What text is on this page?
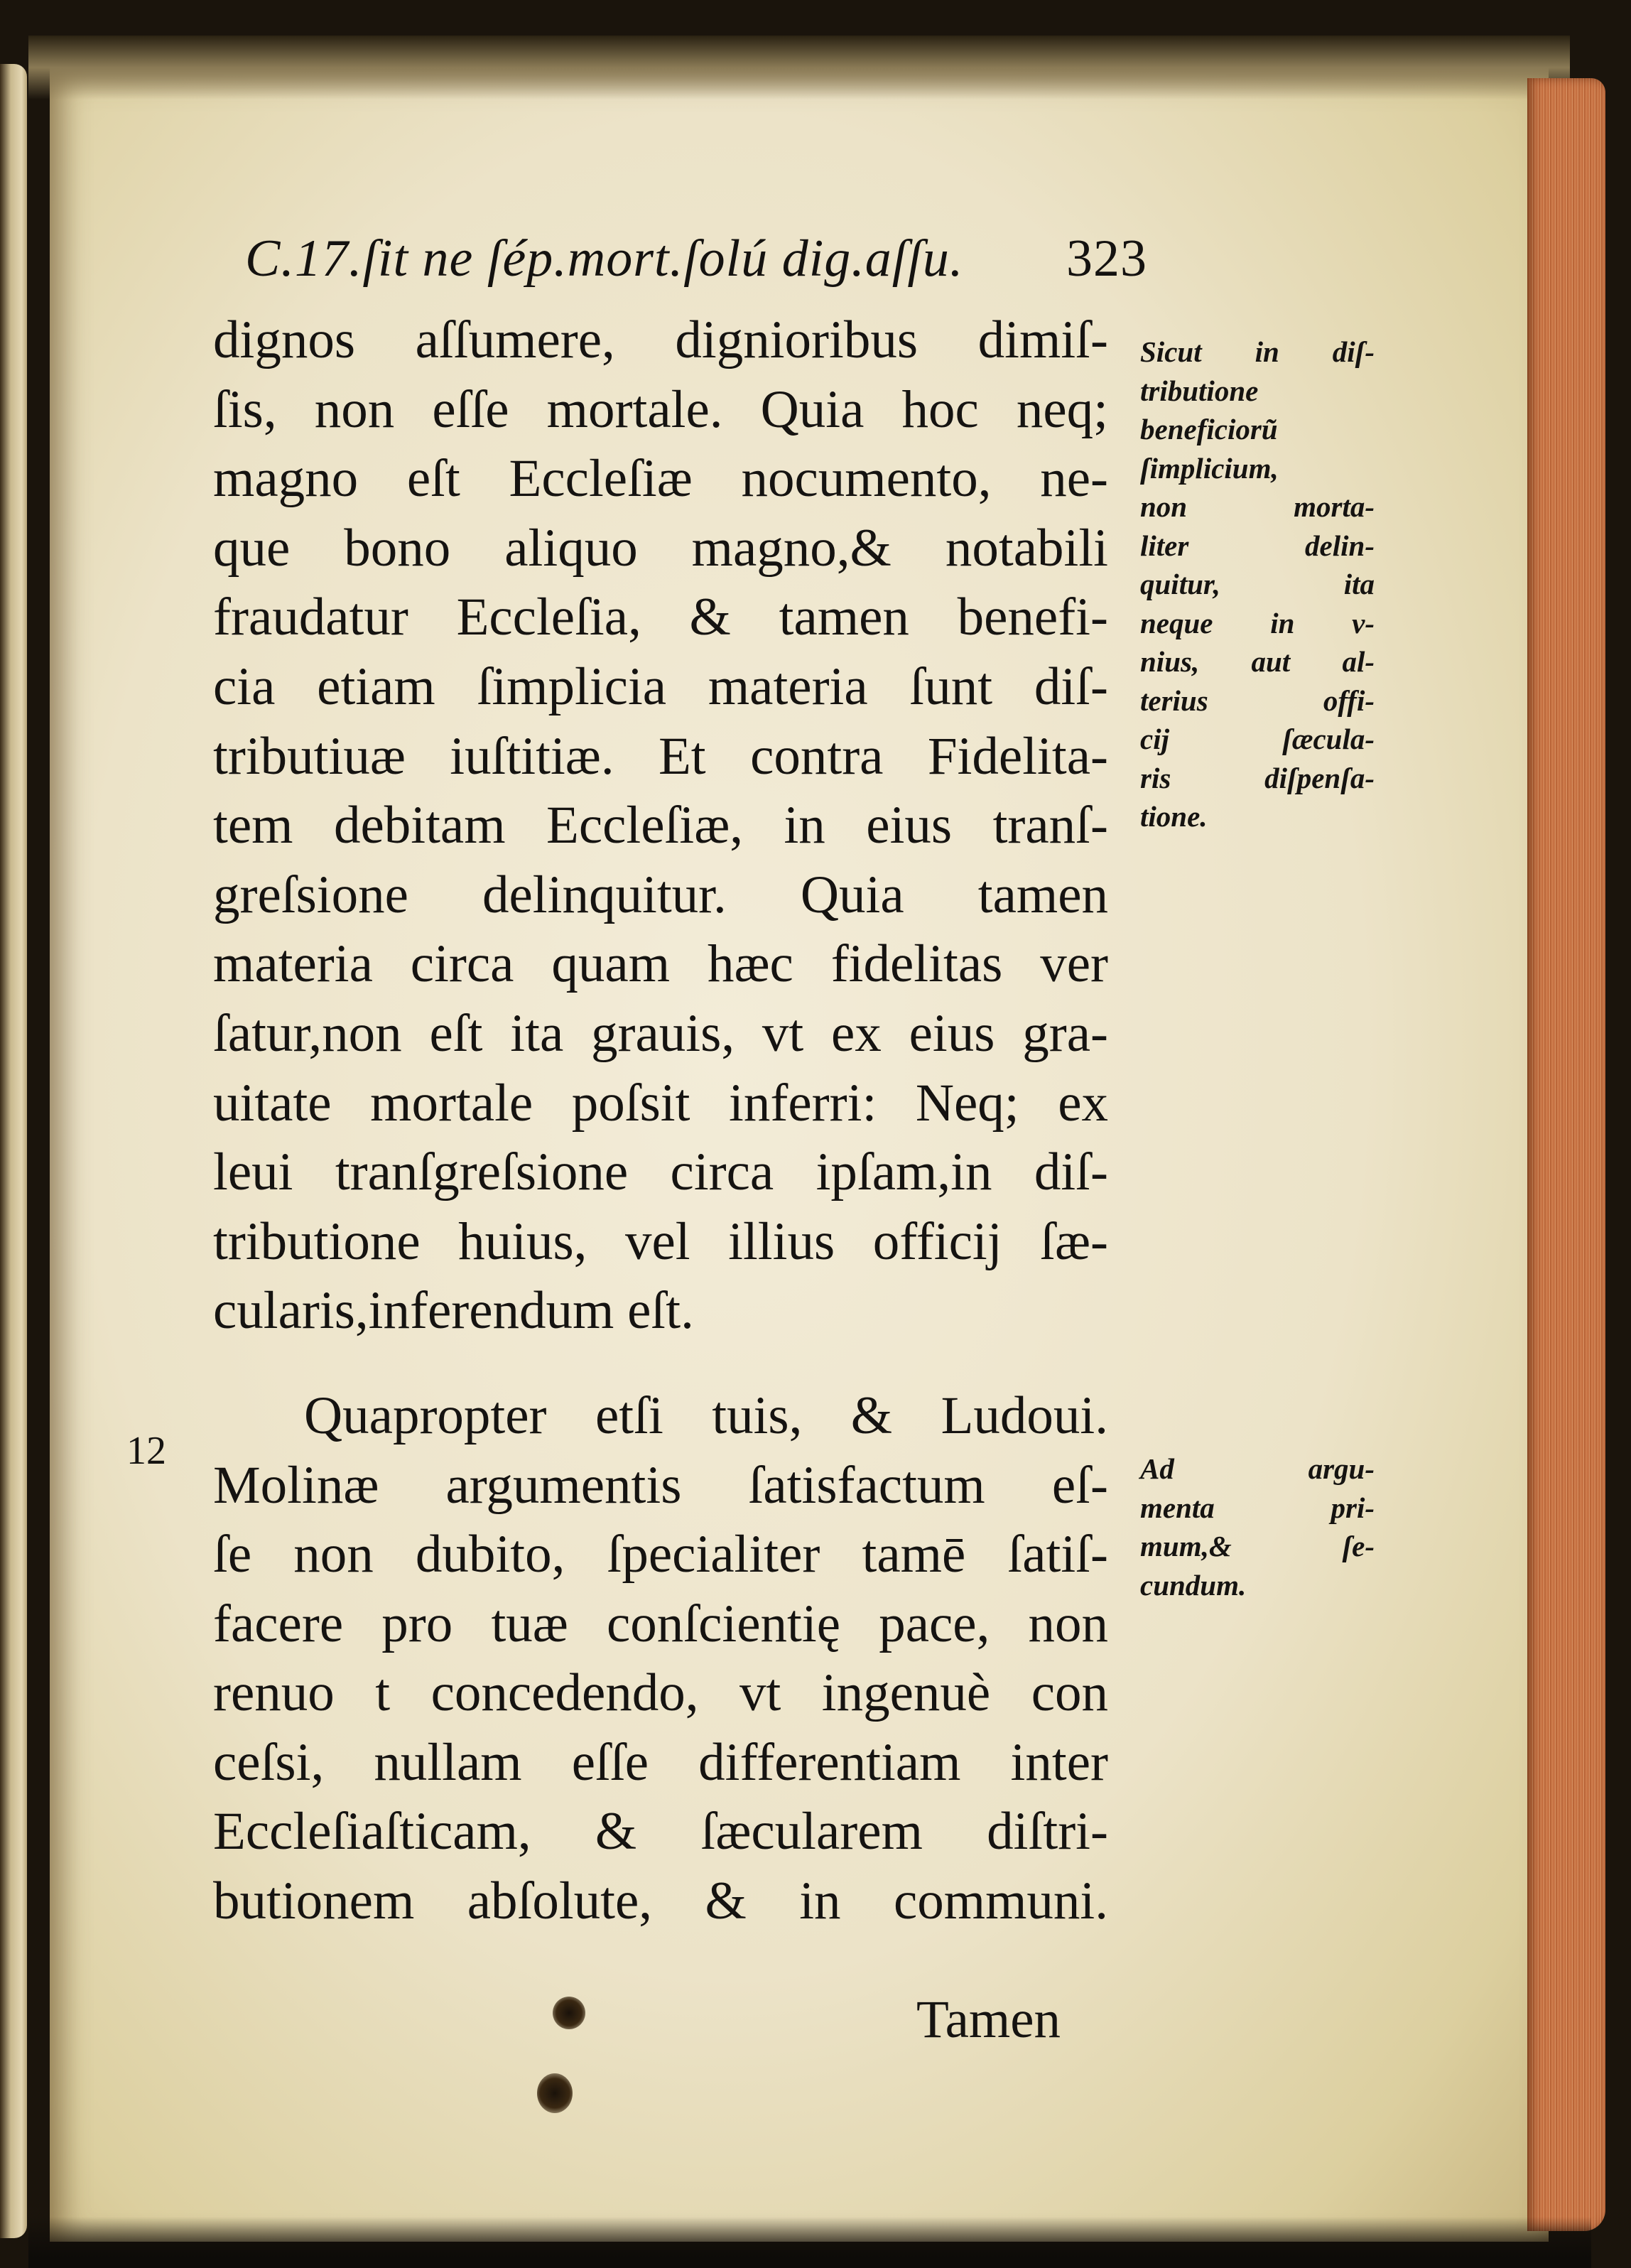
C.17.ſit ne ſép.mort.ſolú dig.aſſu. 323
dignos aſſumere, dignioribus dimiſ-
ſis, non eſſe mortale. Quia hoc neq;
magno eſt Eccleſiæ nocumento, ne-
que bono aliquo magno,& notabili
fraudatur Eccleſia, & tamen benefi-
cia etiam ſimplicia materia ſunt diſ-
tributiuæ iuſtitiæ. Et contra Fidelita-
tem debitam Eccleſiæ, in eius tranſ-
greſsione delinquitur. Quia tamen
materia circa quam hæc fidelitas ver
ſatur,non eſt ita grauis, vt ex eius gra-
uitate mortale poſsit inferri: Neq; ex
leui tranſgreſsione circa ipſam,in diſ-
tributione huius, vel illius officij ſæ-
cularis,inferendum eſt.
Quapropter etſi tuis, & Ludoui.
Molinæ argumentis ſatisfactum eſ-
ſe non dubito, ſpecialiter tamē ſatiſ-
facere pro tuæ conſcientię pace, non
renuo t concedendo, vt ingenuè con
ceſsi, nullam eſſe differentiam inter
Eccleſiaſticam, & ſæcularem diſtri-
butionem abſolute, & in communi.
12
Tamen
Sicut in diſ-
tributione
beneficiorũ
ſimplicium,
non morta-
liter delin-
quitur, ita
neque in v-
nius, aut al-
terius offi-
cij ſæcula-
ris diſpenſa-
tione.
Ad argu-
menta pri-
mum,& ſe-
cundum.
